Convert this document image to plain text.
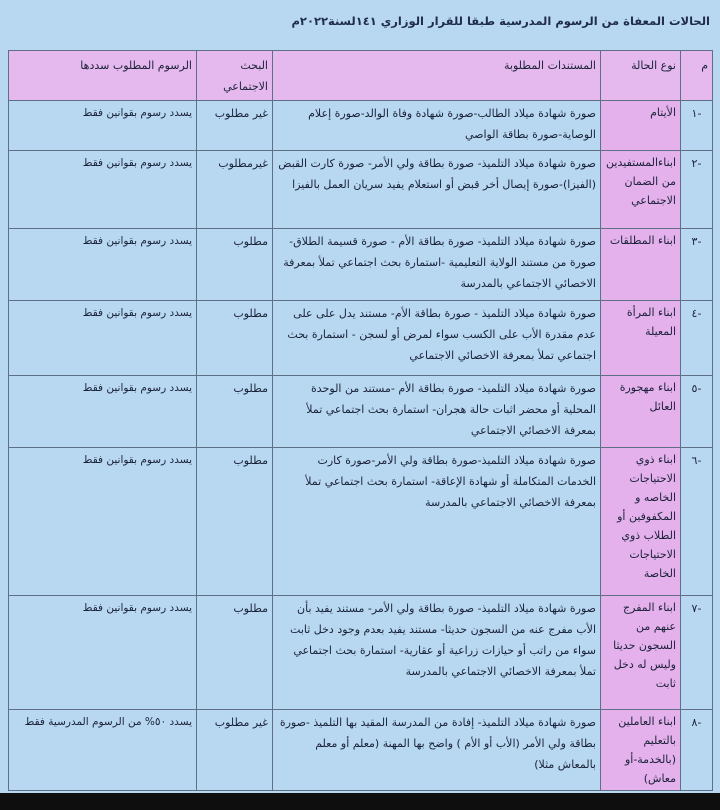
الحالات المعفاة من الرسوم المدرسية طبقا للقرار الوزاري ١٤١لسنة٢٠٢٢م
م	نوع الحالة	المستندات المطلوبة	البحث الاجتماعي	الرسوم المطلوب سددها
-١	الأيتام	صورة شهادة ميلاد الطالب-صورة شهادة وفاة الوالد-صورة إعلام الوصاية-صورة بطاقة الواصي	غير مطلوب	يسدد رسوم بقوانين فقط
-٢	ابناءالمستفيدين من الضمان الاجتماعي	صورة شهادة ميلاد التلميذ- صورة بطاقة ولي الأمر- صورة كارت القبض (الفيزا)-صورة إيصال أخر قبض أو استعلام يفيد سريان العمل بالفيزا	غيرمطلوب	يسدد رسوم بقوانين فقط
-٣	ابناء المطلقات	صورة شهادة ميلاد التلميذ- صورة بطاقة الأم - صورة قسيمة الطلاق-صورة من مستند الولاية التعليمية -استمارة بحث اجتماعي تملأ بمعرفة الاخصائي الاجتماعي بالمدرسة	مطلوب	يسدد رسوم بقوانين فقط
-٤	ابناء المرأة المعيلة	صورة شهادة ميلاد التلميذ - صورة بطاقة الأم- مستند يدل على على عدم مقدرة الأب على الكسب سواء لمرض أو لسجن - استمارة بحث اجتماعي تملأ بمعرفة الاخصائي الاجتماعي	مطلوب	يسدد رسوم بقوانين فقط
-٥	ابناء مهجورة العائل	صورة شهادة ميلاد التلميذ- صورة بطاقة الأم -مستند من الوحدة المحلية أو محضر اثبات حالة هجران- استمارة بحث اجتماعي تملأ بمعرفة الاخصائي الاجتماعي	مطلوب	يسدد رسوم بقوانين فقط
-٦	ابناء ذوي الاحتياجات الخاصه و المكفوفين أو الطلاب ذوي الاحتياجات الخاصة	صورة شهادة ميلاد التلميذ-صورة بطاقة ولي الأمر-صورة كارت الخدمات المتكاملة أو شهادة الإعاقة- استمارة بحث اجتماعي تملأ بمعرفة الاخصائي الاجتماعي بالمدرسة	مطلوب	يسدد رسوم بقوانين فقط
-٧	ابناء المفرج عنهم من السجون حديثا وليس له دخل ثابت	صورة شهادة ميلاد التلميذ- صورة بطاقة ولي الأمر- مستند يفيد بأن الأب مفرج عنه من السجون حديثا- مستند يفيد بعدم وجود دخل ثابت سواء من راتب أو حيازات زراعية أو عقارية- استمارة بحث اجتماعي تملأ بمعرفة الاخصائي الاجتماعي بالمدرسة	مطلوب	يسدد رسوم بقوانين فقط
-٨	ابناء العاملين بالتعليم (بالخدمة-أو معاش)	صورة شهادة ميلاد التلميذ- إفادة من المدرسة المقيد بها التلميذ -صورة بطاقة ولي الأمر (الأب أو الأم ) واضح بها المهنة (معلم أو معلم بالمعاش مثلا)	غير مطلوب	يسدد ٥٠% من الرسوم المدرسية فقط
